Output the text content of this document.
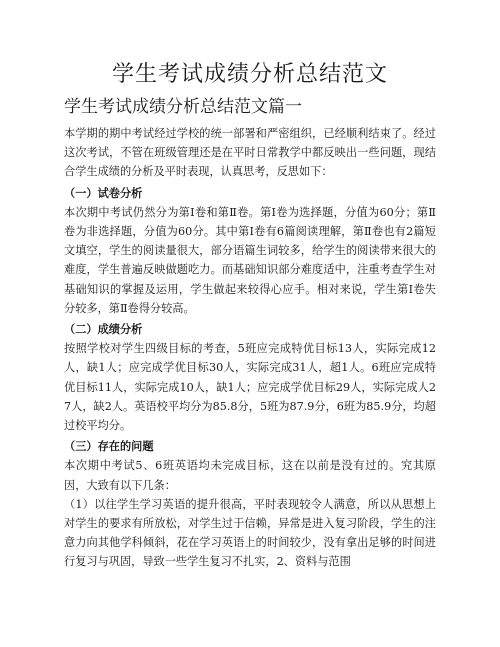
学生考试成绩分析总结范文
学生考试成绩分析总结范文篇一

本学期的期中考试经过学校的统一部署和严密组织，已经顺利结束了。经过这次考试，不管在班级管理还是在平时日常教学中都反映出一些问题，现结合学生成绩的分析及平时表现，认真思考，反思如下：

（一）试卷分析

本次期中考试仍然分为第Ⅰ卷和第Ⅱ卷。第Ⅰ卷为选择题，分值为60分；第Ⅱ卷为非选择题，分值为60分。其中第Ⅰ卷有6篇阅读理解，第Ⅱ卷也有2篇短文填空，学生的阅读量很大，部分语篇生词较多，给学生的阅读带来很大的难度，学生普遍反映做题吃力。而基础知识部分难度适中，注重考查学生对基础知识的掌握及运用，学生做起来较得心应手。相对来说，学生第Ⅰ卷失分较多，第Ⅱ卷得分较高。

（二）成绩分析

按照学校对学生四级目标的考查，5班应完成特优目标13人，实际完成12人，缺1人；应完成学优目标30人，实际完成31人，超1人。6班应完成特优目标11人，实际完成10人，缺1人；应完成学优目标29人，实际完成人27人，缺2人。英语校平均分为85.8分，5班为87.9分，6班为85.9分，均超过校平均分。

（三）存在的问题

本次期中考试5、6班英语均未完成目标，这在以前是没有过的。究其原因，大致有以下几条：

（1）以往学生学习英语的提升很高，平时表现较令人满意，所以从思想上对学生的要求有所放松，对学生过于信赖，异常是进入复习阶段，学生的注意力向其他学科倾斜，花在学习英语上的时间较少，没有拿出足够的时间进行复习与巩固，导致一些学生复习不扎实，2、资料与范围
